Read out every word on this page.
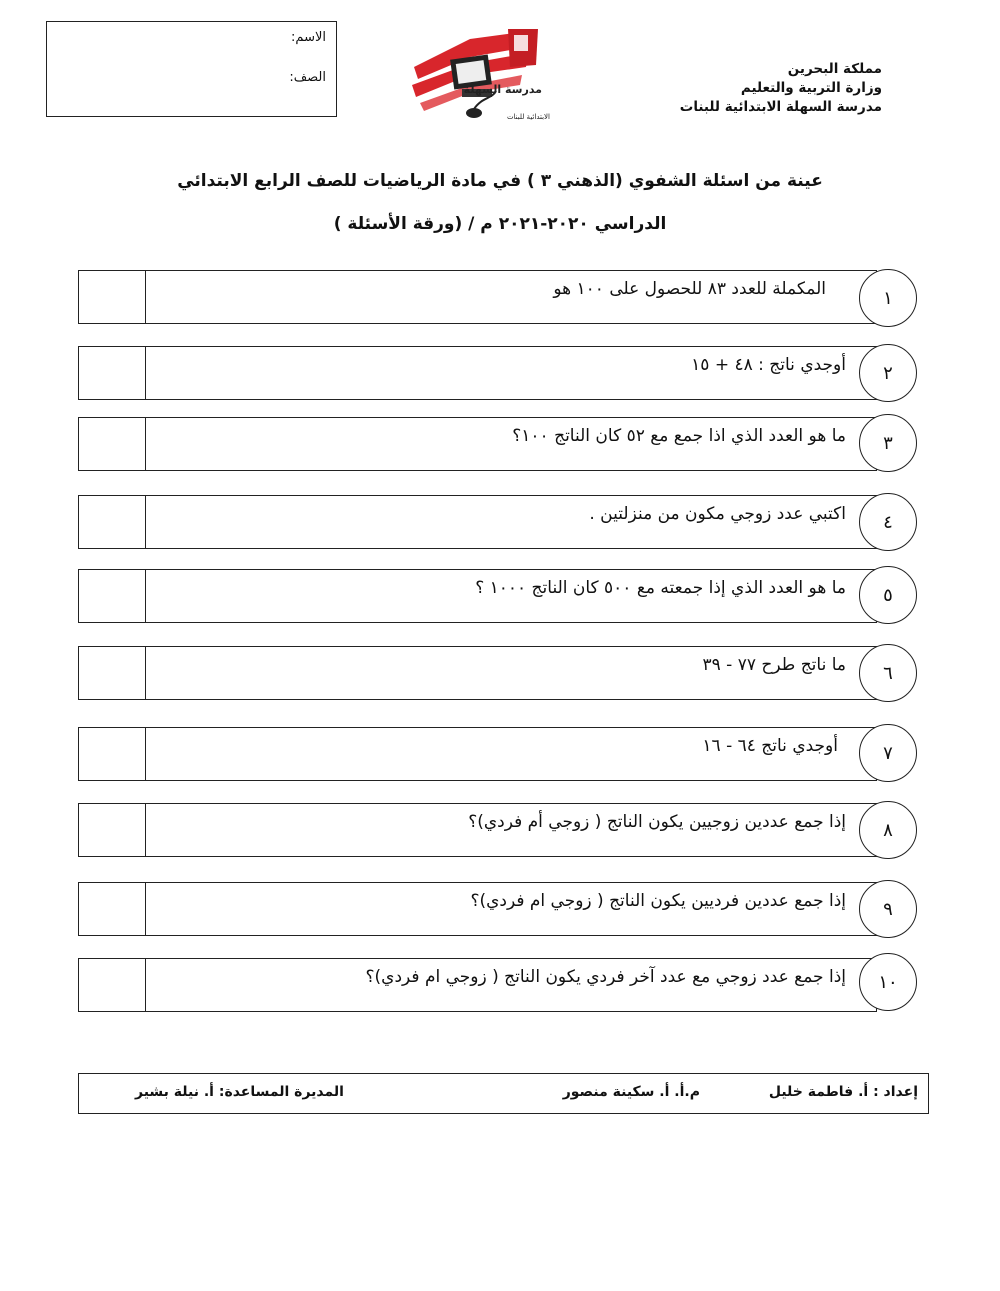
الاسم:
الصف:
مدرسة السهلة
الابتدائية للبنات
مملكة البحرين
وزارة التربية والتعليم
مدرسة السهلة الابتدائية للبنات
عينة من اسئلة الشفوي (الذهني ٣ ) في مادة الرياضيات للصف الرابع الابتدائي
الدراسي ٢٠٢٠-٢٠٢١ م / (ورقة الأسئلة )
المكملة للعدد ٨٣ للحصول على ١٠٠ هو	١
أوجدي ناتج : ٤٨ + ١٥	٢
ما هو العدد الذي اذا جمع مع ٥٢ كان الناتج ١٠٠؟	٣
اكتبي عدد زوجي مكون من منزلتين .	٤
ما هو العدد الذي إذا جمعته مع ٥٠٠ كان الناتج ١٠٠٠ ؟	٥
ما ناتج طرح ٧٧ - ٣٩	٦
أوجدي ناتج ٦٤ - ١٦	٧
إذا جمع عددين زوجيين يكون الناتج ( زوجي أم فردي)؟	٨
إذا جمع عددين فرديين يكون الناتج ( زوجي ام فردي)؟	٩
إذا جمع عدد زوجي مع عدد آخر فردي يكون الناتج ( زوجي ام فردي)؟	١٠
إعداد : أ. فاطمة خليل
م.أ. أ. سكينة منصور
المديرة المساعدة: أ. نيلة بشير
